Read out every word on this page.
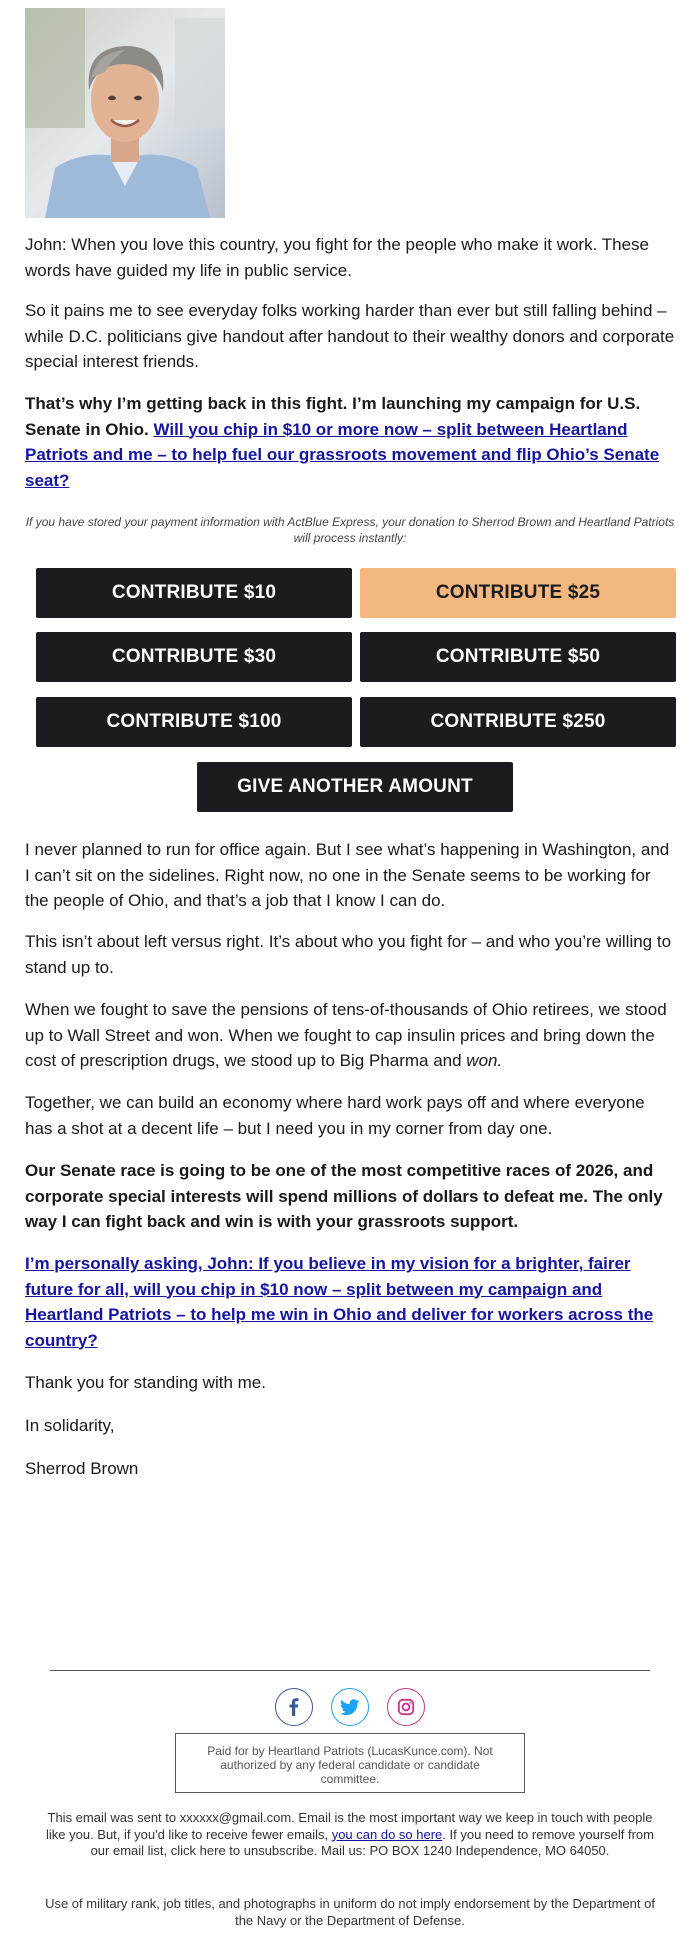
John: When you love this country, you fight for the people who make it work. These words have guided my life in public service.

So it pains me to see everyday folks working harder than ever but still falling behind – while D.C. politicians give handout after handout to their wealthy donors and corporate special interest friends.

That’s why I’m getting back in this fight. I’m launching my campaign for U.S. Senate in Ohio. Will you chip in $10 or more now – split between Heartland Patriots and me – to help fuel our grassroots movement and flip Ohio’s Senate seat?

If you have stored your payment information with ActBlue Express, your donation to Sherrod Brown and Heartland Patriots will process instantly:
CONTRIBUTE $10	CONTRIBUTE $25
CONTRIBUTE $30	CONTRIBUTE $50
CONTRIBUTE $100	CONTRIBUTE $250
GIVE ANOTHER AMOUNT

I never planned to run for office again. But I see what’s happening in Washington, and I can’t sit on the sidelines. Right now, no one in the Senate seems to be working for the people of Ohio, and that’s a job that I know I can do.

This isn’t about left versus right. It’s about who you fight for – and who you’re willing to stand up to.

When we fought to save the pensions of tens-of-thousands of Ohio retirees, we stood up to Wall Street and won. When we fought to cap insulin prices and bring down the cost of prescription drugs, we stood up to Big Pharma and won.

Together, we can build an economy where hard work pays off and where everyone has a shot at a decent life – but I need you in my corner from day one.

Our Senate race is going to be one of the most competitive races of 2026, and corporate special interests will spend millions of dollars to defeat me. The only way I can fight back and win is with your grassroots support.

I’m personally asking, John: If you believe in my vision for a brighter, fairer future for all, will you chip in $10 now – split between my campaign and Heartland Patriots – to help me win in Ohio and deliver for workers across the country?

Thank you for standing with me.

In solidarity,

Sherrod Brown

Paid for by Heartland Patriots (LucasKunce.com). Not authorized by any federal candidate or candidate committee.
This email was sent to xxxxxx@gmail.com. Email is the most important way we keep in touch with people like you. But, if you'd like to receive fewer emails, you can do so here. If you need to remove yourself from our email list, click here to unsubscribe. Mail us: PO BOX 1240 Independence, MO 64050.
Use of military rank, job titles, and photographs in uniform do not imply endorsement by the Department of the Navy or the Department of Defense.
